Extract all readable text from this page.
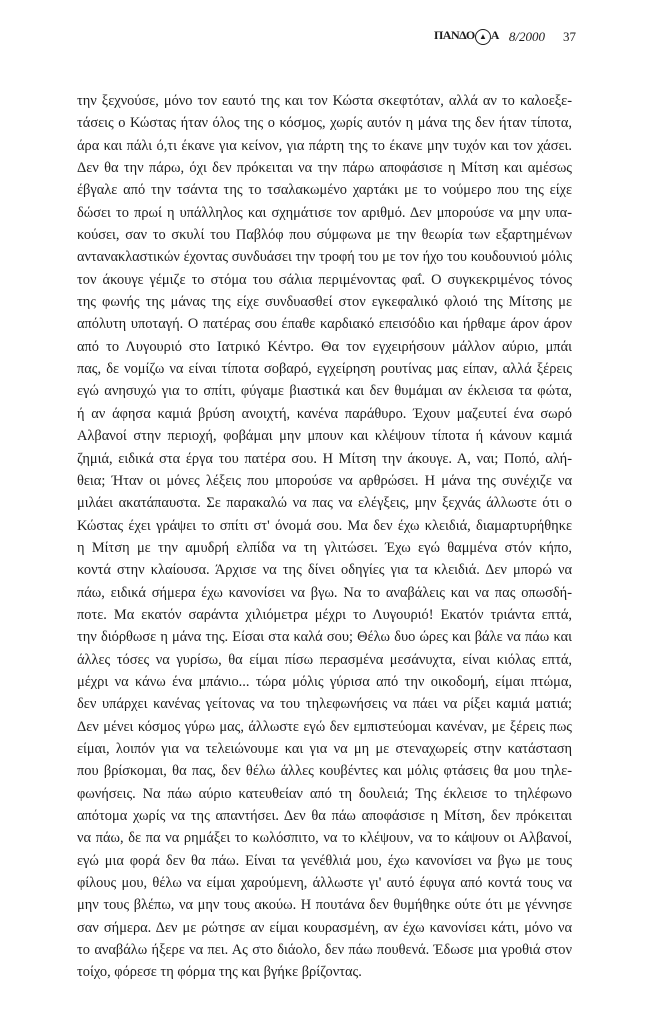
ΠΑΝΔΟ ▲ Α 8/2000 37
την ξεχνούσε, μόνο τον εαυτό της και τον Κώστα σκεφτόταν, αλλά αν το καλοεξε-
τάσεις ο Κώστας ήταν όλος της ο κόσμος, χωρίς αυτόν η μάνα της δεν ήταν τίποτα,
άρα και πάλι ό,τι έκανε για κείνον, για πάρτη της το έκανε μην τυχόν και τον χάσει.
Δεν θα την πάρω, όχι δεν πρόκειται να την πάρω αποφάσισε η Μίτση και αμέσως
έβγαλε από την τσάντα της το τσαλακωμένο χαρτάκι με το νούμερο που της είχε
δώσει το πρωί η υπάλληλος και σχημάτισε τον αριθμό. Δεν μπορούσε να μην υπα-
κούσει, σαν το σκυλί του Παβλόφ που σύμφωνα με την θεωρία των εξαρτημένων
αντανακλαστικών έχοντας συνδυάσει την τροφή του με τον ήχο του κουδουνιού μόλις
τον άκουγε γέμιζε το στόμα του σάλια περιμένοντας φαΐ. Ο συγκεκριμένος τόνος
της φωνής της μάνας της είχε συνδυασθεί στον εγκεφαλικό φλοιό της Μίτσης με
απόλυτη υποταγή. Ο πατέρας σου έπαθε καρδιακό επεισόδιο και ήρθαμε άρον άρον
από το Λυγουριό στο Ιατρικό Κέντρο. Θα τον εγχειρήσουν μάλλον αύριο, μπάι
πας, δε νομίζω να είναι τίποτα σοβαρό, εγχείρηση ρουτίνας μας είπαν, αλλά ξέρεις
εγώ ανησυχώ για το σπίτι, φύγαμε βιαστικά και δεν θυμάμαι αν έκλεισα τα φώτα,
ή αν άφησα καμιά βρύση ανοιχτή, κανένα παράθυρο. Έχουν μαζευτεί ένα σωρό
Αλβανοί στην περιοχή, φοβάμαι μην μπουν και κλέψουν τίποτα ή κάνουν καμιά
ζημιά, ειδικά στα έργα του πατέρα σου. Η Μίτση την άκουγε. Α, ναι; Ποπό, αλή-
θεια; Ήταν οι μόνες λέξεις που μπορούσε να αρθρώσει. Η μάνα της συνέχιζε να
μιλάει ακατάπαυστα. Σε παρακαλώ να πας να ελέγξεις, μην ξεχνάς άλλωστε ότι ο
Κώστας έχει γράψει το σπίτι στ' όνομά σου. Μα δεν έχω κλειδιά, διαμαρτυρήθηκε
η Μίτση με την αμυδρή ελπίδα να τη γλιτώσει. Έχω εγώ θαμμένα στόν κήπο,
κοντά στην κλαίουσα. Άρχισε να της δίνει οδηγίες για τα κλειδιά. Δεν μπορώ να
πάω, ειδικά σήμερα έχω κανονίσει να βγω. Να το αναβάλεις και να πας οπωσδή-
ποτε. Μα εκατόν σαράντα χιλιόμετρα μέχρι το Λυγουριό! Εκατόν τριάντα επτά,
την διόρθωσε η μάνα της. Είσαι στα καλά σου; Θέλω δυο ώρες και βάλε να πάω και
άλλες τόσες να γυρίσω, θα είμαι πίσω περασμένα μεσάνυχτα, είναι κιόλας επτά,
μέχρι να κάνω ένα μπάνιο... τώρα μόλις γύρισα από την οικοδομή, είμαι πτώμα,
δεν υπάρχει κανένας γείτονας να του τηλεφωνήσεις να πάει να ρίξει καμιά ματιά;
Δεν μένει κόσμος γύρω μας, άλλωστε εγώ δεν εμπιστεύομαι κανέναν, με ξέρεις πως
είμαι, λοιπόν για να τελειώνουμε και για να μη με στεναχωρείς στην κατάσταση
που βρίσκομαι, θα πας, δεν θέλω άλλες κουβέντες και μόλις φτάσεις θα μου τηλε-
φωνήσεις. Να πάω αύριο κατευθείαν από τη δουλειά; Της έκλεισε το τηλέφωνο
απότομα χωρίς να της απαντήσει. Δεν θα πάω αποφάσισε η Μίτση, δεν πρόκειται
να πάω, δε πα να ρημάξει το κωλόσπιτο, να το κλέψουν, να το κάψουν οι Αλβανοί,
εγώ μια φορά δεν θα πάω. Είναι τα γενέθλιά μου, έχω κανονίσει να βγω με τους
φίλους μου, θέλω να είμαι χαρούμενη, άλλωστε γι' αυτό έφυγα από κοντά τους να
μην τους βλέπω, να μην τους ακούω. Η πουτάνα δεν θυμήθηκε ούτε ότι με γέννησε
σαν σήμερα. Δεν με ρώτησε αν είμαι κουρασμένη, αν έχω κανονίσει κάτι, μόνο να
το αναβάλω ήξερε να πει. Ας στο διάολο, δεν πάω πουθενά. Έδωσε μια γροθιά στον
τοίχο, φόρεσε τη φόρμα της και βγήκε βρίζοντας.
